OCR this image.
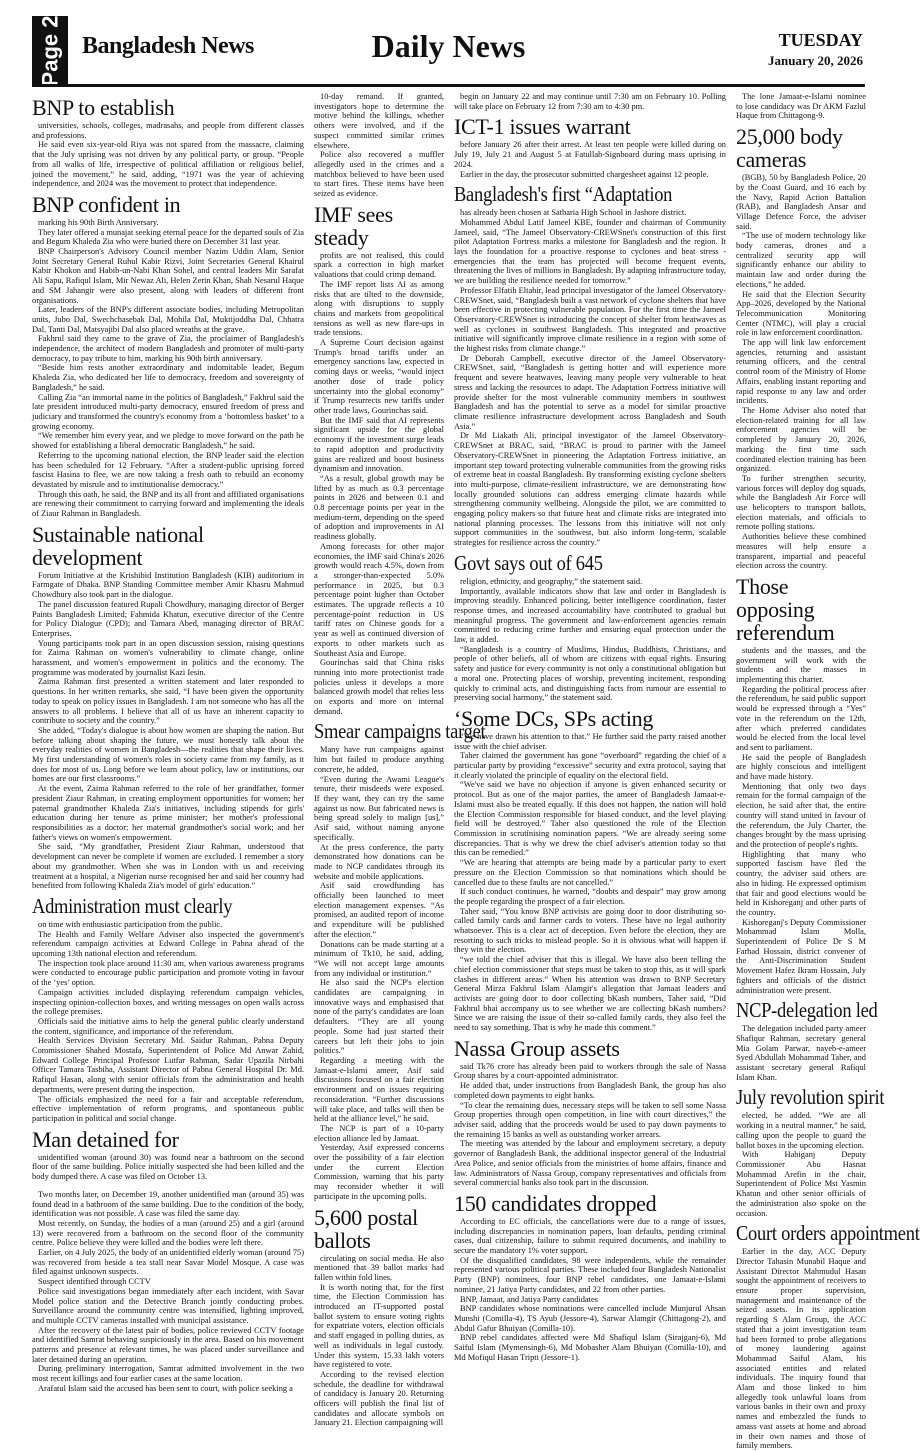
Page 2 Bangladesh News	Daily News	TUESDAY
January 20, 2026
BNP to establish

universities, schools, colleges, madrasahs, and people from different classes and professions.

He said even six-year-old Riya was not spared from the massacre, claiming that the July uprising was not driven by any political party, or group. “People from all walks of life, irrespective of political affiliation or religious belief, joined the movement,” he said, adding, “1971 was the year of achieving independence, and 2024 was the movement to protect that independence.

BNP confident in

marking his 90th Birth Anniversary.

They later offered a munajat seeking eternal peace for the departed souls of Zia and Begum Khaleda Zia who were buried there on December 31 last year.

BNP Chairperson's Advisory Council member Nazim Uddin Alam, Senior Joint Secretary General Ruhul Kabir Rizvi, Joint Secretaries General Khairul Kabir Khokon and Habib-un-Nabi Khan Sohel, and central leaders Mir Sarafat Ali Sapu, Rafiqul Islam, Mir Newaz Ali, Helen Zerin Khan, Shah Nesarul Haque and SM Jahangir were also present, along with leaders of different front organisations.

Later, leaders of the BNP's different associate bodies, including Metropolitan units, Jubo Dal, Swechchasebak Dal, Mohila Dal, Muktijoddha Dal, Chhatra Dal, Tanti Dal, Matsyajibi Dal also placed wreaths at the grave.

Fakhrul said they came to the grave of Zia, the proclaimer of Bangladesh's independence, the architect of modern Bangladesh and promoter of multi-party democracy, to pay tribute to him, marking his 90th birth anniversary.

“Beside him rests another extraordinary and indomitable leader, Begum Khaleda Zia, who dedicated her life to democracy, freedom and sovereignty of Bangladesh,” he said.

Calling Zia “an immortal name in the politics of Bangladesh,” Fakhrul said the late president introduced multi-party democracy, ensured freedom of press and judiciary and transformed the country's economy from a ‘bottomless basket’ to a growing economy.

“We remember him every year, and we pledge to move forward on the path he showed for establishing a liberal democratic Bangladesh,” he said.

Referring to the upcoming national election, the BNP leader said the election has been scheduled for 12 February. “After a student-public uprising forced fascist Hasina to flee, we are now taking a fresh oath to rebuild an economy devastated by misrule and to institutionalise democracy.”

Through this oath, he said, the BNP and its all front and affiliated organisations are renewing their commitment to carrying forward and implementing the ideals of Ziaur Rahman in Bangladesh.

Sustainable national development

Forum Initiative at the Krishibid Institution Bangladesh (KIB) auditorium in Farmgate of Dhaka. BNP Standing Committee member Amir Khasru Mahmud Chowdhury also took part in the dialogue.

The panel discussion featured Rupali Chowdhury, managing director of Berger Paints Bangladesh Limited; Fahmida Khatun, executive director of the Centre for Policy Dialogue (CPD); and Tamara Abed, managing director of BRAC Enterprises.

Young participants took part in an open discussion session, raising questions for Zaima Rahman on women's vulnerability to climate change, online harassment, and women's empowerment in politics and the economy. The programme was moderated by journalist Kazi Iesin.

Zaima Rahman first presented a written statement and later responded to questions. In her written remarks, she said, “I have been given the opportunity today to speak on policy issues in Bangladesh. I am not someone who has all the answers to all problems. I believe that all of us have an inherent capacity to contribute to society and the country.”

She added, “Today's dialogue is about how women are shaping the nation. But before talking about shaping the future, we must honestly talk about the everyday realities of women in Bangladesh—the realities that shape their lives. My first understanding of women's roles in society came from my family, as it does for most of us. Long before we learn about policy, law or institutions, our homes are our first classrooms.”

At the event, Zaima Rahman referred to the role of her grandfather, former president Ziaur Rahman, in creating employment opportunities for women; her paternal grandmother Khaleda Zia's initiatives, including stipends for girls' education during her tenure as prime minister; her mother's professional responsibilities as a doctor; her maternal grandmother's social work; and her father's views on women's empowerment.

She said, “My grandfather, President Ziaur Rahman, understood that development can never be complete if women are excluded. I remember a story about my grandmother. When she was in London with us and receiving treatment at a hospital, a Nigerian nurse recognised her and said her country had benefited from following Khaleda Zia's model of girls' education.”

Administration must clearly

on time with enthusiastic participation from the public.

The Health and Family Welfare Adviser also inspected the government's referendum campaign activities at Edward College in Pabna ahead of the upcoming 13th national election and referendum.

The inspection took place around 11:30 am, when various awareness programs were conducted to encourage public participation and promote voting in favour of the ‘yes’ option.

Campaign activities included displaying referendum campaign vehicles, inspecting opinion-collection boxes, and writing messages on open walls across the college premises.

Officials said the initiative aims to help the general public clearly understand the content, significance, and importance of the referendum.

Health Services Division Secretary Md. Saidur Rahman, Pabna Deputy Commissioner Shahed Mostafa, Superintendent of Police Md Anwar Zahid, Edward College Principal Professor Lutfar Rahman, Sadar Upazila Nirbahi Officer Tamara Tasbiha, Assistant Director of Pabna General Hospital Dr. Md. Rafiqul Hasan, along with senior officials from the administration and health departments, were present during the inspection.

The officials emphasized the need for a fair and acceptable referendum, effective implementation of reform programs, and spontaneous public participation in political and social change.

Man detained for

unidentified woman (around 30) was found near a bathroom on the second floor of the same building. Police initially suspected she had been killed and the body dumped there. A case was filed on October 13.

Two months later, on December 19, another unidentified man (around 35) was found dead in a bathroom of the same building. Due to the condition of the body, identification was not possible. A case was filed the same day.

Most recently, on Sunday, the bodies of a man (around 25) and a girl (around 13) were recovered from a bathroom on the second floor of the community centre. Police believe they were killed and the bodies were left there.

Earlier, on 4 July 2025, the body of an unidentified elderly woman (around 75) was recovered from beside a tea stall near Savar Model Mosque. A case was filed against unknown suspects.

Suspect identified through CCTV

Police said investigations began immediately after each incident, with Savar Model police station and the Detective Branch jointly conducting probes. Surveillance around the community centre was intensified, lighting improved, and multiple CCTV cameras installed with municipal assistance.

After the recovery of the latest pair of bodies, police reviewed CCTV footage and identified Samrat behaving suspiciously in the area. Based on his movement patterns and presence at relevant times, he was placed under surveillance and later detained during an operation.

During preliminary interrogation, Samrat admitted involvement in the two most recent killings and four earlier cases at the same location.

Arafatul Islam said the accused has been sent to court, with police seeking a

10-day remand. If granted, investigators hope to determine the motive behind the killings, whether others were involved, and if the suspect committed similar crimes elsewhere.

Police also recovered a muffler allegedly used in the crimes and a matchbox believed to have been used to start fires. These items have been seized as evidence.

IMF sees steady

profits are not realised, this could spark a correction in high market valuations that could crimp demand.

The IMF report lists AI as among risks that are tilted to the downside, along with disruptions to supply chains and markets from geopolitical tensions as well as new flare-ups in trade tensions.

A Supreme Court decision against Trump's broad tariffs under an emergency sanctions law, expected in coming days or weeks, “would inject another dose of trade policy uncertainty into the global economy” if Trump resurrects new tariffs under other trade laws, Gourinchas said.

But the IMF said that AI represents significant upside for the global economy if the investment surge leads to rapid adoption and productivity gains are realized and boost business dynamism and innovation.

“As a result, global growth may be lifted by as much as 0.3 percentage points in 2026 and between 0.1 and 0.8 percentage points per year in the medium-term, depending on the speed of adoption and improvements in AI readiness globally.

Among forecasts for other major economies, the IMF said China's 2026 growth would reach 4.5%, down from a stronger-than-expected 5.0% performance in 2025, but 0.3 percentage point higher than October estimates. The upgrade reflects a 10 percentage-point reduction in US tariff rates on Chinese goods for a year as well as continued diversion of exports to other markets such as Southeast Asia and Europe.

Gourinchas said that China risks running into more protectionist trade policies unless it develops a more balanced growth model that relies less on exports and more on internal demand.

Smear campaigns target

Many have run campaigns against him but failed to produce anything concrete, he added.

“Even during the Awami League's tenure, their misdeeds were exposed. If they want, they can try the same against us now. But fabricated news is being spread solely to malign [us],” Asif said, without naming anyone specifically.

At the press conference, the party demonstrated how donations can be made to NCP candidates through its website and mobile applications.

Asif said crowdfunding has officially been launched to meet election management expenses. “As promised, an audited report of income and expenditure will be published after the election.”

Donations can be made starting at a minimum of Tk10, he said, adding, “We will not accept large amounts from any individual or institution.”

He also said the NCP's election candidates are campaigning in innovative ways and emphasised that none of the party's candidates are loan defaulters. “They are all young people. Some had just started their careers but left their jobs to join politics.”

Regarding a meeting with the Jamaat-e-Islami ameer, Asif said discussions focused on a fair election environment and on issues requiring reconsideration. “Further discussions will take place, and talks will then be held at the alliance level,” he said.

The NCP is part of a 10-party election alliance led by Jamaat.

Yesterday, Asif expressed concerns over the possibility of a fair election under the current Election Commission, warning that his party may reconsider whether it will participate in the upcoming polls.

5,600 postal ballots

circulating on social media. He also mentioned that 39 ballot marks had fallen within fold lines.

It is worth noting that, for the first time, the Election Commission has introduced an IT-supported postal ballot system to ensure voting rights for expatriate voters, election officials and staff engaged in polling duties, as well as individuals in legal custody. Under this system, 15.33 lakh voters have registered to vote.

According to the revised election schedule, the deadline for withdrawal of candidacy is January 20. Returning officers will publish the final list of candidates and allocate symbols on January 21. Election campaigning will

begin on January 22 and may continue until 7:30 am on February 10. Polling will take place on February 12 from 7:30 am to 4:30 pm.

ICT-1 issues warrant

before January 26 after their arrest. At least ten people were killed during on July 19, July 21 and August 5 at Fatullah-Signboard during mass uprising in 2024.

Earlier in the day, the prosecutor submitted chargesheet against 12 people.

Bangladesh's first “Adaptation

has already been chosen at Satbaria High School in Jashore district.

Mohammed Abdul Latif Jameel KBE, founder and chairman of Community Jameel, said, “The Jameel Observatory-CREWSnet's construction of this first pilot Adaptation Fortress marks a milestone for Bangladesh and the region. It lays the foundation for a proactive response to cyclones and heat stress - emergencies that the team has projected will become frequent events, threatening the lives of millions in Bangladesh. By adapting infrastructure today, we are building the resilience needed for tomorrow.”

Professor Elfatih Eltahir, lead principal investigator of the Jameel Observatory-CREWSnet, said, “Bangladesh built a vast network of cyclone shelters that have been effective in protecting vulnerable population. For the first time the Jameel Observatory-CREWSnet is introducing the concept of shelter from heatwaves as well as cyclones in southwest Bangladesh. This integrated and proactive initiative will significantly improve climate resilience in a region with some of the highest risks from climate change.”

Dr Deborah Campbell, executive director of the Jameel Observatory-CREWSnet, said, “Bangladesh is getting hotter and will experience more frequent and severe heatwaves, leaving many people very vulnerable to heat stress and lacking the resources to adapt. The Adaptation Fortress initiative will provide shelter for the most vulnerable community members in southwest Bangladesh and has the potential to serve as a model for similar proactive climate resilience infrastructure development across Bangladesh and South Asia.”

Dr Md Liakath Ali, principal investigator of the Jameel Observatory-CREWSnet at BRAC, said, “BRAC is proud to partner with the Jameel Observatory-CREWSnet in pioneering the Adaptation Fortress initiative, an important step toward protecting vulnerable communities from the growing risks of extreme heat in coastal Bangladesh. By transforming existing cyclone shelters into multi-purpose, climate-resilient infrastructure, we are demonstrating how locally grounded solutions can address emerging climate hazards while strengthening community wellbeing. Alongside the pilot, we are committed to engaging policy makers so that future heat and climate risks are integrated into national planning processes. The lessons from this initiative will not only support communities in the southwest, but also inform long-term, scalable strategies for resilience across the country.”

Govt says out of 645

religion, ethnicity, and geography,” the statement said.

Importantly, available indicators show that law and order in Bangladesh is improving steadily. Enhanced policing, better intelligence coordination, faster response times, and increased accountability have contributed to gradual but meaningful progress. The government and law-enforcement agencies remain committed to reducing crime further and ensuring equal protection under the law, it added.

“Bangladesh is a country of Muslims, Hindus, Buddhists, Christians, and people of other beliefs, all of whom are citizens with equal rights. Ensuring safety and justice for every community is not only a constitutional obligation but a moral one. Protecting places of worship, preventing incitement, responding quickly to criminal acts, and distinguishing facts from rumour are essential to preserving social harmony,” the statement said.

‘Some DCs, SPs acting

“We have drawn his attention to that.” He further said the party raised another issue with the chief adviser.

Taher claimed the government has gone “overboard” regarding the chief of a particular party by providing “excessive” security and extra protocol, saying that it clearly violated the principle of equality on the electoral field.

“We've said we have no objection if anyone is given enhanced security or protocol. But as one of the major parties, the ameer of Bangladesh Jamaat-e-Islami must also be treated equally. If this does not happen, the nation will hold the Election Commission responsible for biased conduct, and the level playing field will be destroyed.” Taher also questioned the role of the Election Commission in scrutinising nomination papers. “We are already seeing some discrepancies. That is why we drew the chief adviser's attention today so that this can be remedied.”

“We are hearing that attempts are being made by a particular party to exert pressure on the Election Commission so that nominations which should be cancelled due to these faults are not cancelled.”

If such conduct continues, he warned, “doubts and despair” may grow among the people regarding the prospect of a fair election.

Taher said, “You know BNP activists are going door to door distributing so-called family cards and farmer cards to voters. These have no legal authority whatsoever. This is a clear act of deception. Even before the election, they are resorting to such tricks to mislead people. So it is obvious what will happen if they win the election.

“we told the chief adviser that this is illegal. We have also been telling the chief election commissioner that steps must be taken to stop this, as it will spark clashes in different areas.” When his attention was drawn to BNP Secretary General Mirza Fakhrul Islam Alamgir's allegation that Jamaat leaders and activists are going door to door collecting bKash numbers, Taher said, “Did Fakhrul bhai accompany us to see whether we are collecting bKash numbers? Since we are raising the issue of their so-called family cards, they also feel the need to say something. That is why he made this comment.”

Nassa Group assets

said Tk76 crore has already been paid to workers through the sale of Nassa Group shares by a court-appointed administrator.

He added that, under instructions from Bangladesh Bank, the group has also completed down payments to eight banks.

“To clear the remaining dues, necessary steps will be taken to sell some Nassa Group properties through open competition, in line with court directives,” the adviser said, adding that the proceeds would be used to pay down payments to the remaining 15 banks as well as outstanding worker arrears.

The meeting was attended by the labour and employment secretary, a deputy governor of Bangladesh Bank, the additional inspector general of the Industrial Area Police, and senior officials from the ministries of home affairs, finance and law. Administrators of Nassa Group, company representatives and officials from several commercial banks also took part in the discussion.

150 candidates dropped

According to EC officials, the cancellations were due to a range of issues, including discrepancies in nomination papers, loan defaults, pending criminal cases, dual citizenship, failure to submit required documents, and inability to secure the mandatory 1% voter support.

Of the disqualified candidates, 98 were independents, while the remainder represented various political parties. These included four Bangladesh Nationalist Party (BNP) nominees, four BNP rebel candidates, one Jamaat-e-Islami nominee, 21 Jatiya Party candidates, and 22 from other parties.

BNP, Jamaat, and Jatiya Party candidates

BNP candidates whose nominations were cancelled include Munjurul Ahsan Munshi (Comilla-4), TS Ayub (Jessore-4), Sarwar Alamgir (Chittagong-2), and Abdul Gafur Bhuiyan (Comilla-10).

BNP rebel candidates affected were Md Shafiqul Islam (Sirajganj-6), Md Saiful Islam (Mymensingh-6), Md Mobasher Alam Bhuiyan (Comilla-10), and Md Mofiqul Hasan Tripti (Jessore-1).

The lone Jamaat-e-Islami nominee to lose candidacy was Dr AKM Fazlul Haque from Chittagong-9.

25,000 body cameras

(BGB), 50 by Bangladesh Police, 20 by the Coast Guard, and 16 each by the Navy, Rapid Action Battalion (RAB), and Bangladesh Ansar and Village Defence Force, the adviser said.

“The use of modern technology like body cameras, drones and a centralized security app will significantly enhance our ability to maintain law and order during the elections,” he added.

He said that the Election Security App–2026, developed by the National Telecommunication Monitoring Center (NTMC), will play a crucial role in law enforcement coordination.

The app will link law enforcement agencies, returning and assistant returning officers, and the central control room of the Ministry of Home Affairs, enabling instant reporting and rapid response to any law and order incidents.

The Home Adviser also noted that election-related training for all law enforcement agencies will be completed by January 20, 2026, marking the first time such coordinated election training has been organized.

To further strengthen security, various forces will deploy dog squads, while the Bangladesh Air Force will use helicopters to transport ballots, election materials, and officials to remote polling stations.

Authorities believe these combined measures will help ensure a transparent, impartial and peaceful election across the country.

Those opposing referendum

students and the masses, and the government will work with the students and the masses in implementing this charter.

Regarding the political process after the referendum, he said public support would be expressed through a “Yes” vote in the referendum on the 12th, after which preferred candidates would be elected from the local level and sent to parliament.

He said the people of Bangladesh are highly conscious and intelligent and have made history.

Mentioning that only two days remain for the formal campaign of the election, he said after that, the entire country will stand united in favour of the referendum, the July Charter, the changes brought by the mass uprising and the protection of people's rights.

Highlighting that many who supported fascism have fled the country, the adviser said others are also in hiding. He expressed optimism that fair and good elections would be held in Kishoreganj and other parts of the country.

Kishoreganj's Deputy Commissioner Mohammad Islam Molla, Superintendent of Police Dr S M Farhad Hossain, district convener of the Anti-Discrimination Student Movement Hafez Ikram Hossain, July fighters and officials of the district administration were present.

NCP-delegation led

The delegation included party ameer Shafiqur Rahman, secretary general Mia Golam Parwar, nayeb-e-ameer Syed Abdullah Mohammad Taher, and assistant secretary general Rafiqul Islam Khan.

July revolution spirit

elected, he added. “We are all working in a neutral manner,” he said, calling upon the people to guard the ballot boxes in the upcoming election.

With Habiganj Deputy Commissioner Abu Hasnat Mohammad Arefin in the chair, Superintendent of Police Mst Yasmin Khatun and other senior officials of the administration also spoke on the occasion.

Court orders appointment

Earlier in the day, ACC Deputy Director Tahasin Munabil Haque and Assistant Director Mahmudul Hasan sought the appointment of receivers to ensure proper supervision, management and maintenance of the seized assets. In its application regarding S Alam Group, the ACC stated that a joint investigation team had been formed to probe allegations of money laundering against Mohammad Saiful Alam, his associated entities and related individuals. The inquiry found that Alam and those linked to him allegedly took unlawful loans from various banks in their own and proxy names and embezzled the funds to amass vast assets at home and abroad in their own names and those of family members.
